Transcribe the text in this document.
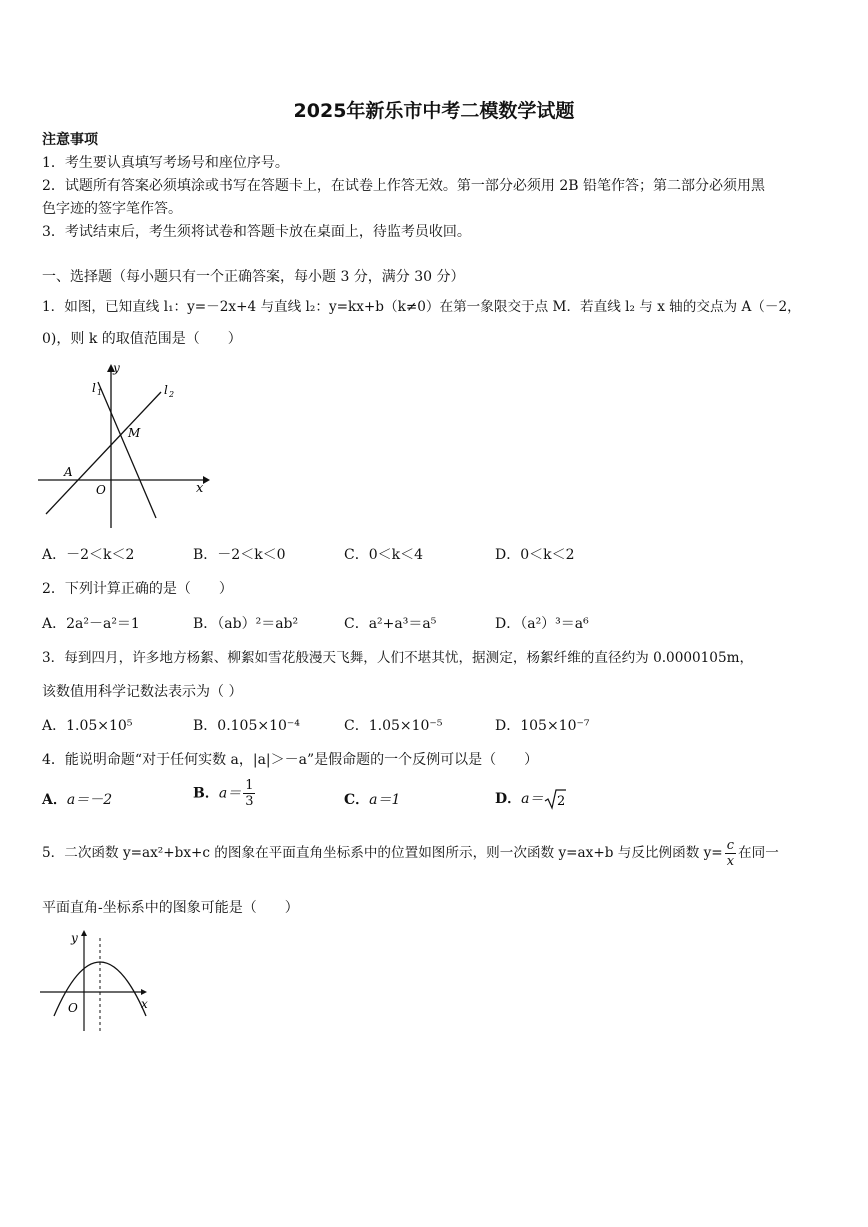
2025年新乐市中考二模数学试题
注意事项
1．考生要认真填写考场号和座位序号。
2．试题所有答案必须填涂或书写在答题卡上，在试卷上作答无效。第一部分必须用 2B 铅笔作答；第二部分必须用黑
色字迹的签字笔作答。
3．考试结束后，考生须将试卷和答题卡放在桌面上，待监考员收回。
一、选择题（每小题只有一个正确答案，每小题 3 分，满分 30 分）
1．如图，已知直线 l₁：y=－2x+4 与直线 l₂：y=kx+b（k≠0）在第一象限交于点 M．若直线 l₂ 与 x 轴的交点为 A（－2，
0)，则 k 的取值范围是（　　）
y
l 1	l 2
M
A
O	x
A．－2＜k＜2	B．－2＜k＜0	C．0＜k＜4	D．0＜k＜2
2．下列计算正确的是（　　）
A．2a²－a²＝1	B．（ab）²＝ab²	C．a²+a³＝a⁵	D．（a²）³＝a⁶
3．每到四月，许多地方杨絮、柳絮如雪花般漫天飞舞，人们不堪其忧，据测定，杨絮纤维的直径约为 0.0000105m，
该数值用科学记数法表示为（ ）
A．1.05×10⁵	B．0.105×10⁻⁴	C．1.05×10⁻⁵	D．105×10⁻⁷
4．能说明命题“对于任何实数 a，|a|＞－a”是假命题的一个反例可以是（　　）
A．a＝－2	B．$a= \frac{1}{3}$	C．a＝1	D．a＝ 2
5．二次函数 y=ax²+bx+c 的图象在平面直角坐标系中的位置如图所示，则一次函数 y=ax+b 与反比例函数 $y= \frac{c}{x}$ 在同一
平面直角-坐标系中的图象可能是（　　）
y
x
O
